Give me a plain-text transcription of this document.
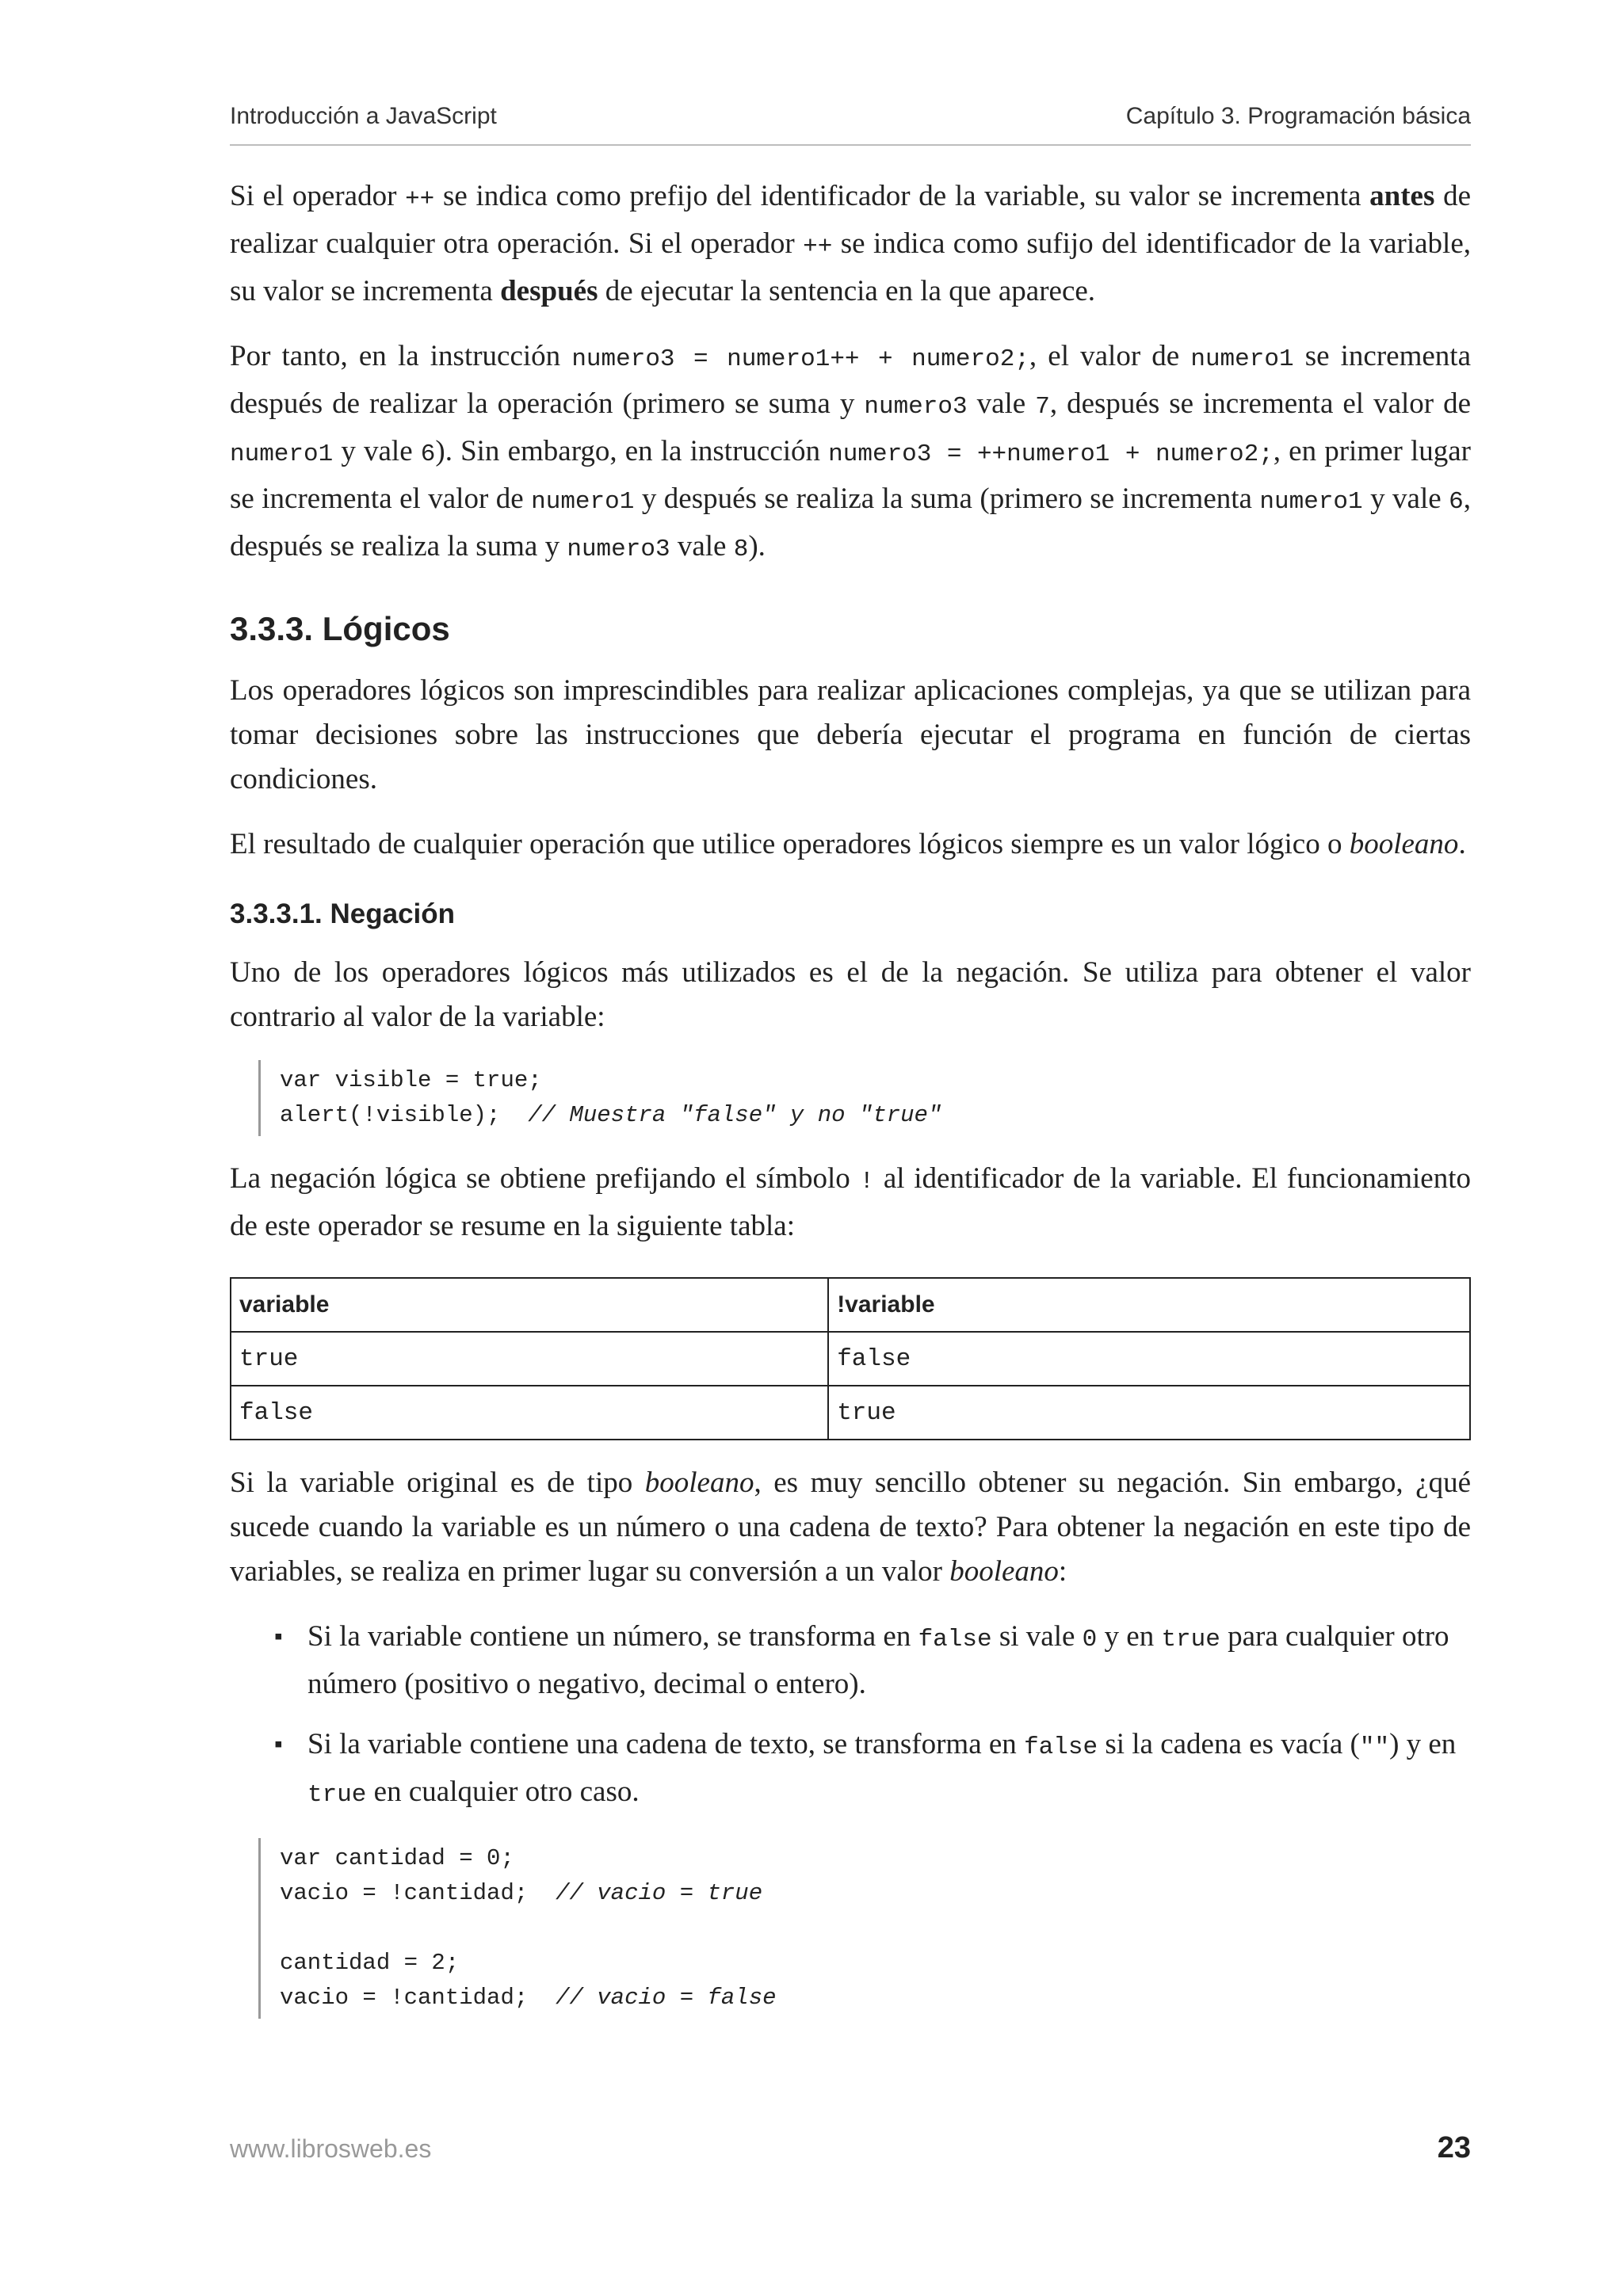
Introducción a JavaScript	Capítulo 3. Programación básica

Si el operador ++ se indica como prefijo del identificador de la variable, su valor se incrementa antes de realizar cualquier otra operación. Si el operador ++ se indica como sufijo del identificador de la variable, su valor se incrementa después de ejecutar la sentencia en la que aparece.

Por tanto, en la instrucción numero3 = numero1++ + numero2;, el valor de numero1 se incrementa después de realizar la operación (primero se suma y numero3 vale 7, después se incrementa el valor de numero1 y vale 6). Sin embargo, en la instrucción numero3 = ++numero1 + numero2;, en primer lugar se incrementa el valor de numero1 y después se realiza la suma (primero se incrementa numero1 y vale 6, después se realiza la suma y numero3 vale 8).

3.3.3. Lógicos

Los operadores lógicos son imprescindibles para realizar aplicaciones complejas, ya que se utilizan para tomar decisiones sobre las instrucciones que debería ejecutar el programa en función de ciertas condiciones.

El resultado de cualquier operación que utilice operadores lógicos siempre es un valor lógico o booleano.

3.3.3.1. Negación

Uno de los operadores lógicos más utilizados es el de la negación. Se utiliza para obtener el valor contrario al valor de la variable:

var visible = true;
alert(!visible);  // Muestra "false" y no "true"

La negación lógica se obtiene prefijando el símbolo ! al identificador de la variable. El funcionamiento de este operador se resume en la siguiente tabla:

variable	!variable
true	false
false	true

Si la variable original es de tipo booleano, es muy sencillo obtener su negación. Sin embargo, ¿qué sucede cuando la variable es un número o una cadena de texto? Para obtener la negación en este tipo de variables, se realiza en primer lugar su conversión a un valor booleano:

▪ Si la variable contiene un número, se transforma en false si vale 0 y en true para cualquier otro número (positivo o negativo, decimal o entero).
▪ Si la variable contiene una cadena de texto, se transforma en false si la cadena es vacía ("") y en true en cualquier otro caso.
var cantidad = 0;
vacio = !cantidad;  // vacio = true

cantidad = 2;
vacio = !cantidad;  // vacio = false
www.librosweb.es	23
